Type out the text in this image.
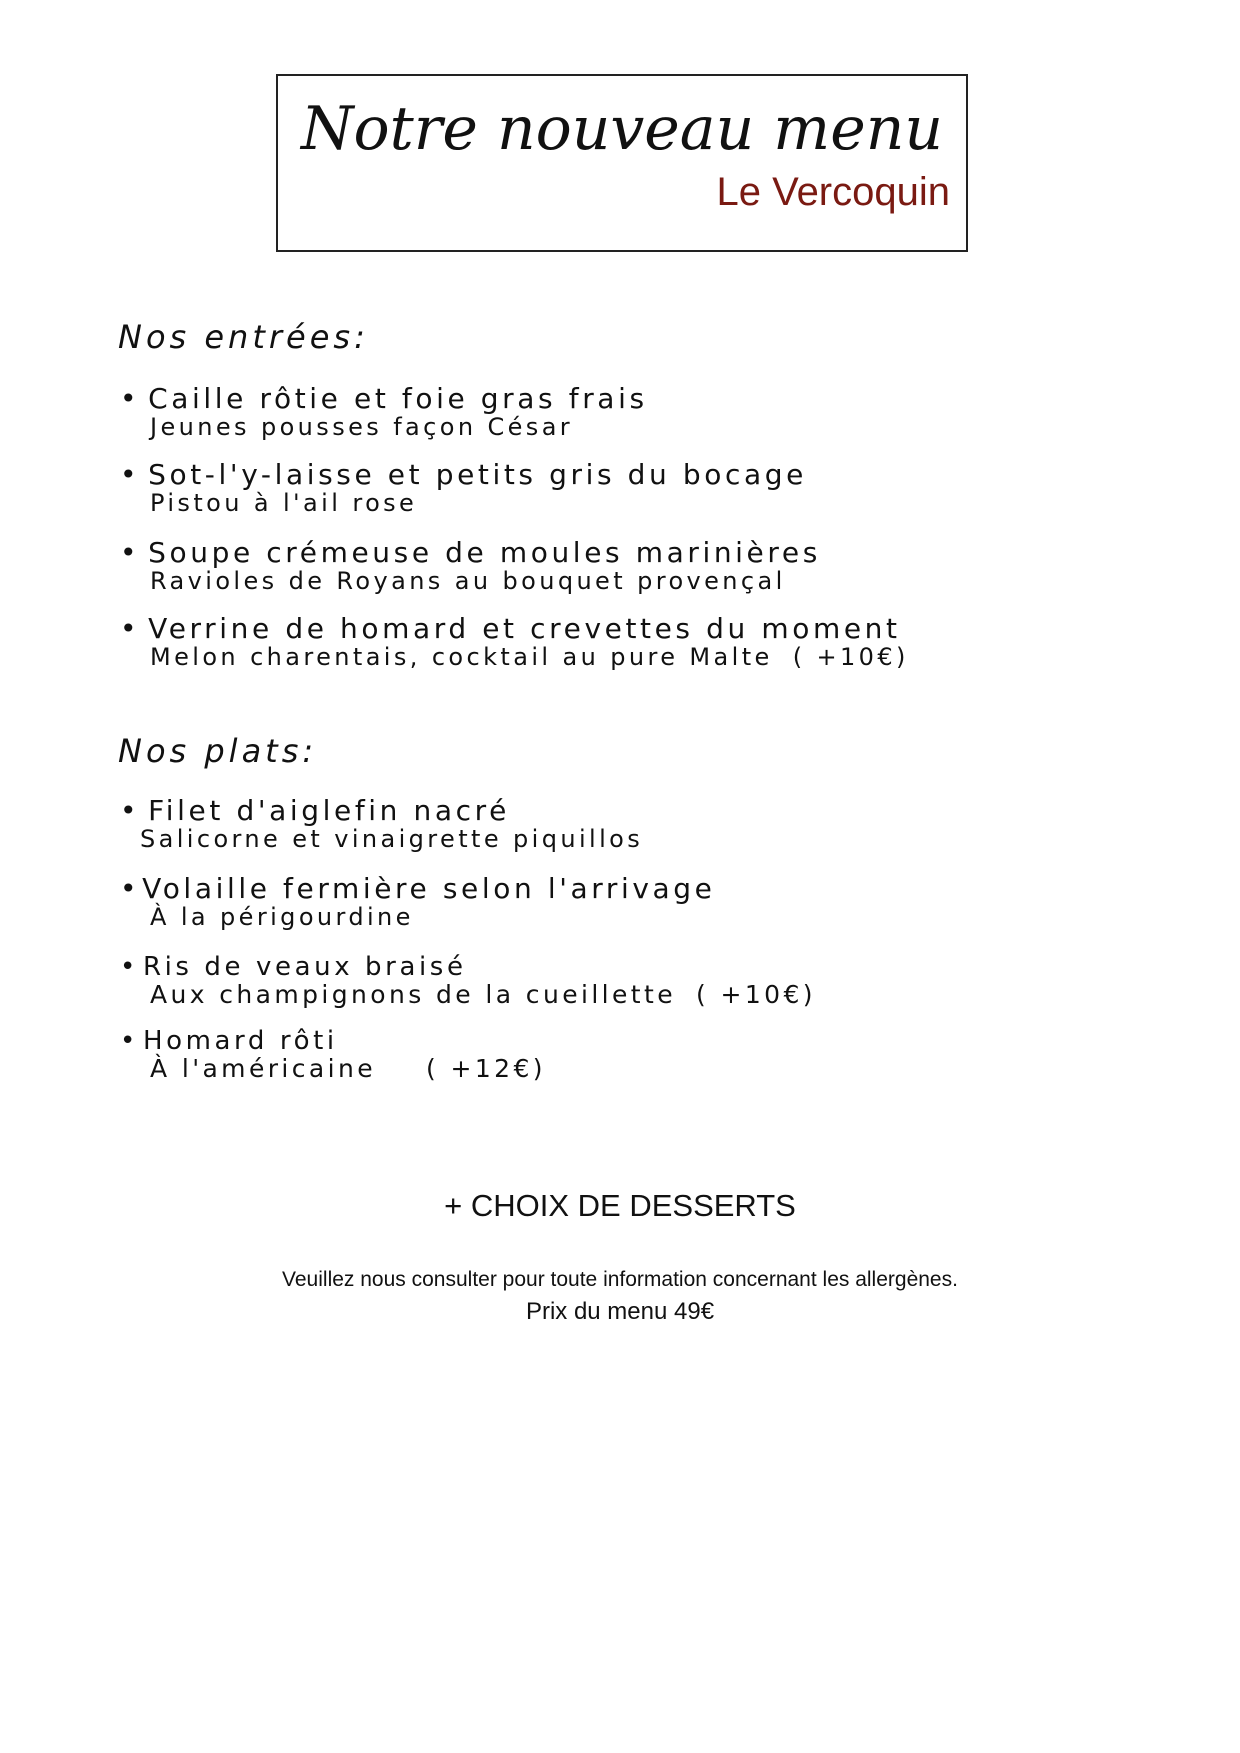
Notre nouveau menu
Le Vercoquin
Nos entrées:
• Caille rôtie et foie gras frais
Jeunes pousses façon César
• Sot-l'y-laisse et petits gris du bocage
Pistou à l'ail rose
• Soupe crémeuse de moules marinières
Ravioles de Royans au bouquet provençal
• Verrine de homard et crevettes du moment
Melon charentais, cocktail au pure Malte ( +10€)
Nos plats:
• Filet d'aiglefin nacré
Salicorne et vinaigrette piquillos
•Volaille fermière selon l'arrivage
À la périgourdine
• Ris de veaux braisé
Aux champignons de la cueillette ( +10€)
• Homard rôti
À l'américaine ( +12€)
+ CHOIX DE DESSERTS
Veuillez nous consulter pour toute information concernant les allergènes.
Prix du menu 49€
